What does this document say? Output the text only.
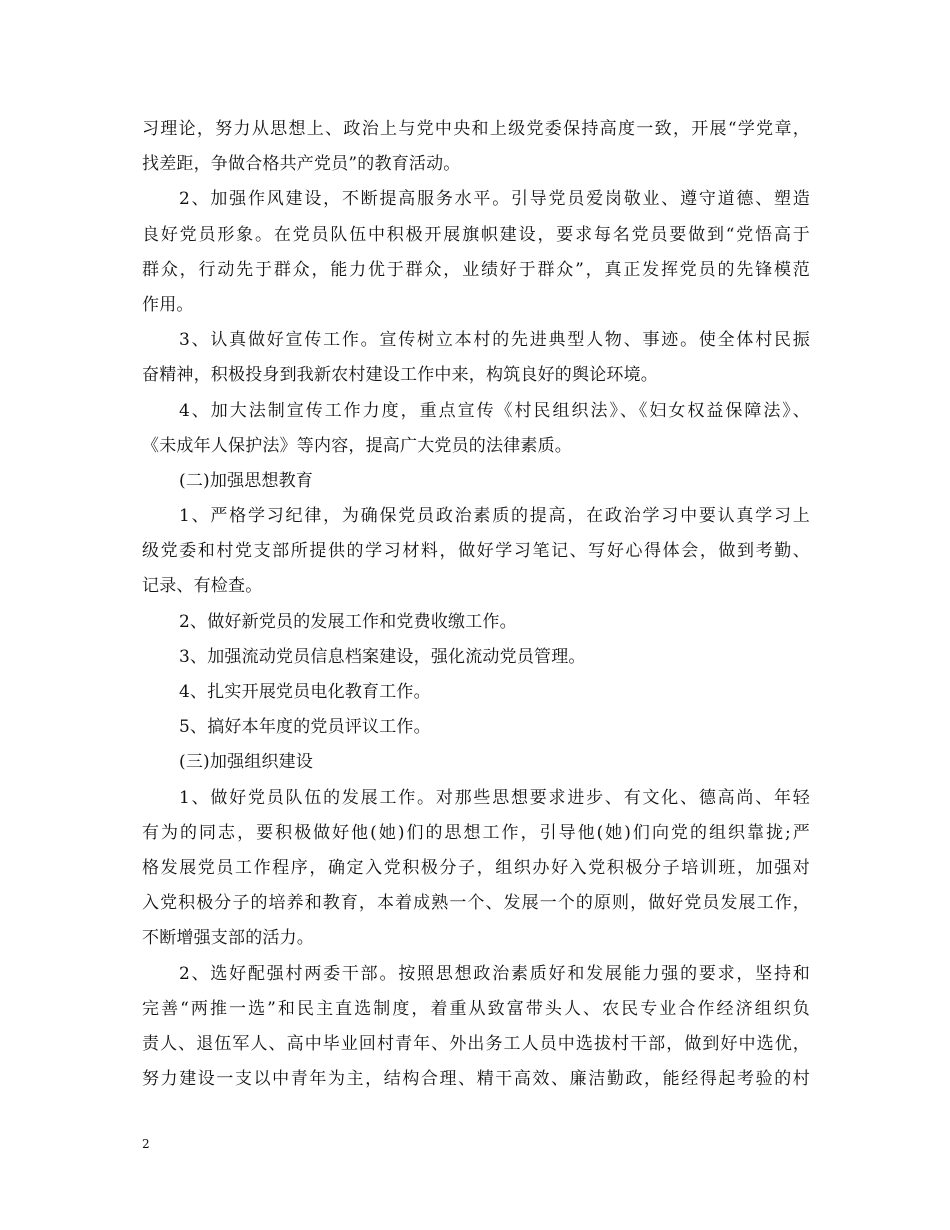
习理论，努力从思想上、政治上与党中央和上级党委保持高度一致，开展“学党章，
找差距，争做合格共产党员”的教育活动。
2、加强作风建设，不断提高服务水平。引导党员爱岗敬业、遵守道德、塑造
良好党员形象。在党员队伍中积极开展旗帜建设，要求每名党员要做到“党悟高于
群众，行动先于群众，能力优于群众，业绩好于群众”，真正发挥党员的先锋模范
作用。
3、认真做好宣传工作。宣传树立本村的先进典型人物、事迹。使全体村民振
奋精神，积极投身到我新农村建设工作中来，构筑良好的舆论环境。
4、加大法制宣传工作力度，重点宣传《村民组织法》、《妇女权益保障法》、
《未成年人保护法》等内容，提高广大党员的法律素质。
(二)加强思想教育
1、严格学习纪律，为确保党员政治素质的提高，在政治学习中要认真学习上
级党委和村党支部所提供的学习材料，做好学习笔记、写好心得体会，做到考勤、
记录、有检查。
2、做好新党员的发展工作和党费收缴工作。
3、加强流动党员信息档案建设，强化流动党员管理。
4、扎实开展党员电化教育工作。
5、搞好本年度的党员评议工作。
(三)加强组织建设
1、做好党员队伍的发展工作。对那些思想要求进步、有文化、德高尚、年轻
有为的同志，要积极做好他(她)们的思想工作，引导他(她)们向党的组织靠拢;严
格发展党员工作程序，确定入党积极分子，组织办好入党积极分子培训班，加强对
入党积极分子的培养和教育，本着成熟一个、发展一个的原则，做好党员发展工作，
不断增强支部的活力。
2、选好配强村两委干部。按照思想政治素质好和发展能力强的要求，坚持和
完善“两推一选”和民主直选制度，着重从致富带头人、农民专业合作经济组织负
责人、退伍军人、高中毕业回村青年、外出务工人员中选拔村干部，做到好中选优，
努力建设一支以中青年为主，结构合理、精干高效、廉洁勤政，能经得起考验的村
2
